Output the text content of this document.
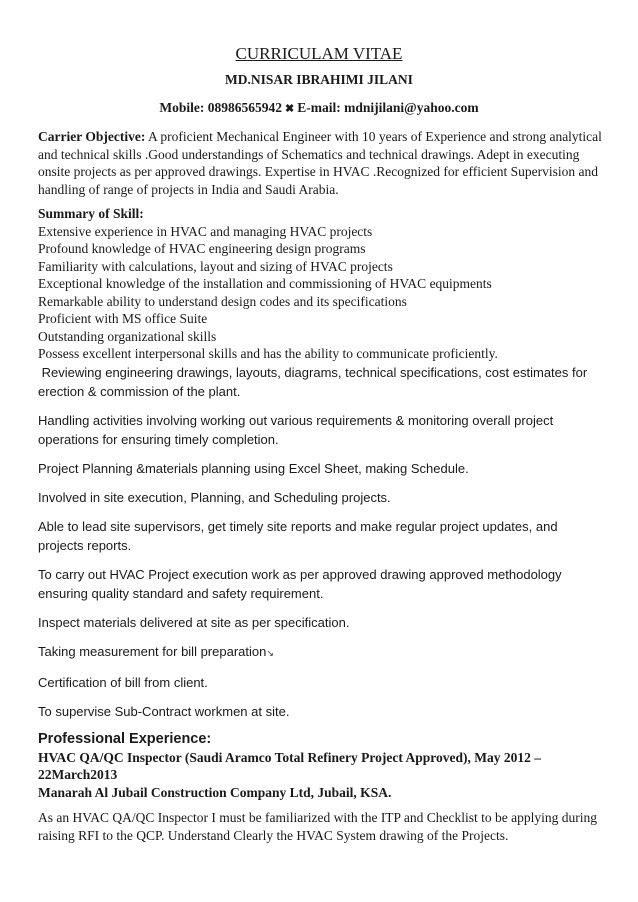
CURRICULAM VITAE
MD.NISAR IBRAHIMI JILANI
Mobile: 08986565942 ✖ E-mail: mdnijilani@yahoo.com

Carrier Objective: A proficient Mechanical Engineer with 10 years of Experience and strong analytical and technical skills .Good understandings of Schematics and technical drawings. Adept in executing onsite projects as per approved drawings. Expertise in HVAC .Recognized for efficient Supervision and handling of range of projects in India and Saudi Arabia.

Summary of Skill:

Extensive experience in HVAC and managing HVAC projects

Profound knowledge of HVAC engineering design programs

Familiarity with calculations, layout and sizing of HVAC projects

Exceptional knowledge of the installation and commissioning of HVAC equipments

Remarkable ability to understand design codes and its specifications

Proficient with MS office Suite

Outstanding organizational skills

Possess excellent interpersonal skills and has the ability to communicate proficiently.

Reviewing engineering drawings, layouts, diagrams, technical specifications, cost estimates for erection & commission of the plant.

Handling activities involving working out various requirements & monitoring overall project operations for ensuring timely completion.

Project Planning &materials planning using Excel Sheet, making Schedule.

Involved in site execution, Planning, and Scheduling projects.

Able to lead site supervisors, get timely site reports and make regular project updates, and projects reports.

To carry out HVAC Project execution work as per approved drawing approved methodology ensuring quality standard and safety requirement.

Inspect materials delivered at site as per specification.

Taking measurement for bill preparation↘

Certification of bill from client.

To supervise Sub-Contract workmen at site.

Professional Experience:

HVAC QA/QC Inspector (Saudi Aramco Total Refinery Project Approved), May 2012 – 22March2013

Manarah Al Jubail Construction Company Ltd, Jubail, KSA.

As an HVAC QA/QC Inspector I must be familiarized with the ITP and Checklist to be applying during raising RFI to the QCP. Understand Clearly the HVAC System drawing of the Projects.
